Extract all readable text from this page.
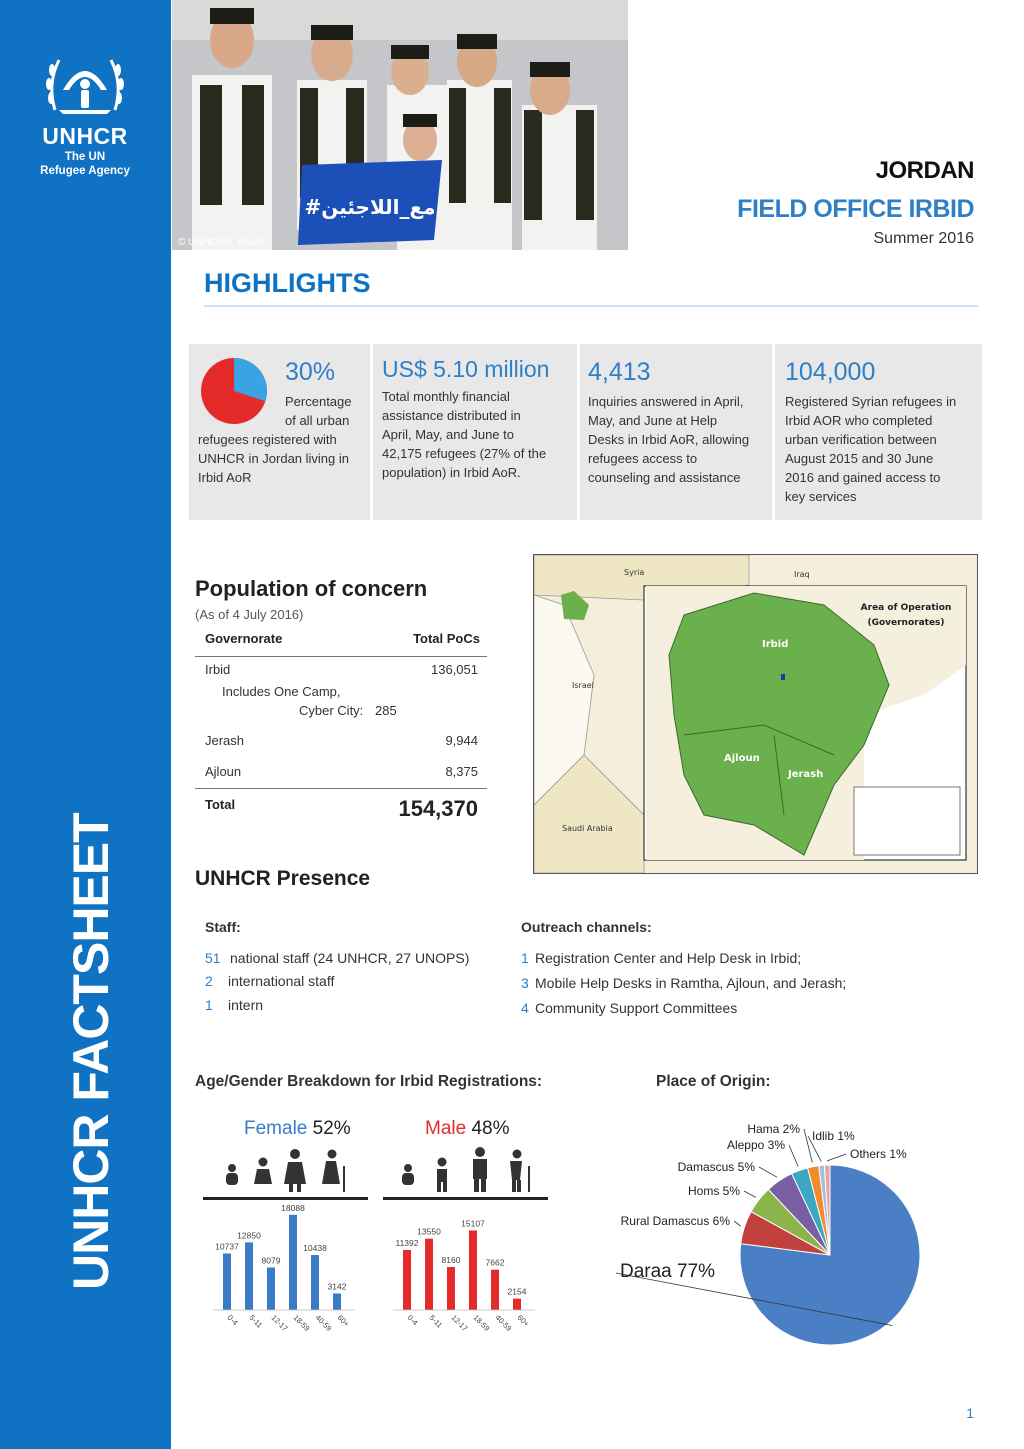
UNHCR
The UN
Refugee Agency
UNHCR FACTSHEET
#مع_اللاجئين
© UNHCR/F. Alsadi
JORDAN
FIELD OFFICE IRBID
Summer 2016
HIGHLIGHTS
30%
Percentage
of all urban
refugees registered with
UNHCR in Jordan living in
Irbid AoR
US$ 5.10 million
Total monthly financial
assistance distributed in
April, May, and June to
42,175 refugees (27% of the
population) in Irbid AoR.
4,413
Inquiries answered in April,
May, and June at Help
Desks in Irbid AoR, allowing
refugees access to
counseling and assistance
104,000
Registered Syrian refugees in
Irbid AOR who completed
urban verification between
August 2015 and 30 June
2016 and gained access to
key services
Population of concern
(As of 4 July 2016)
Governorate	Total PoCs
Irbid	136,051
Includes One Camp,
Cyber City: 285
Jerash	9,944
Ajloun	8,375
Total	154,370
Syria	Iraq
Israel
Saudi Arabia
Area of Operation
(Governorates)
Irbid
Ajloun
Jerash
UNHCR Presence
Staff:
51 national staff (24 UNHCR, 27 UNOPS)
2 international staff
1 intern
Outreach channels:
1 Registration Center and Help Desk in Irbid;
3 Mobile Help Desks in Ramtha, Ajloun, and Jerash;
4 Community Support Committees
Age/Gender Breakdown for Irbid Registrations:	Place of Origin:
Female 52%	Male 48%
10737
0-4
12850
5-11
8079
12-17
18088
18-59
10438
40-59
3142
60+
11392
0-4
13550
5-11
8160
12-17
15107
18-59
7662
40-59
2154
60+
Daraa 77%
Rural Damascus 6%
Homs 5%
Damascus 5%
Aleppo 3%
Hama 2% Idlib 1%
Others 1%
1
